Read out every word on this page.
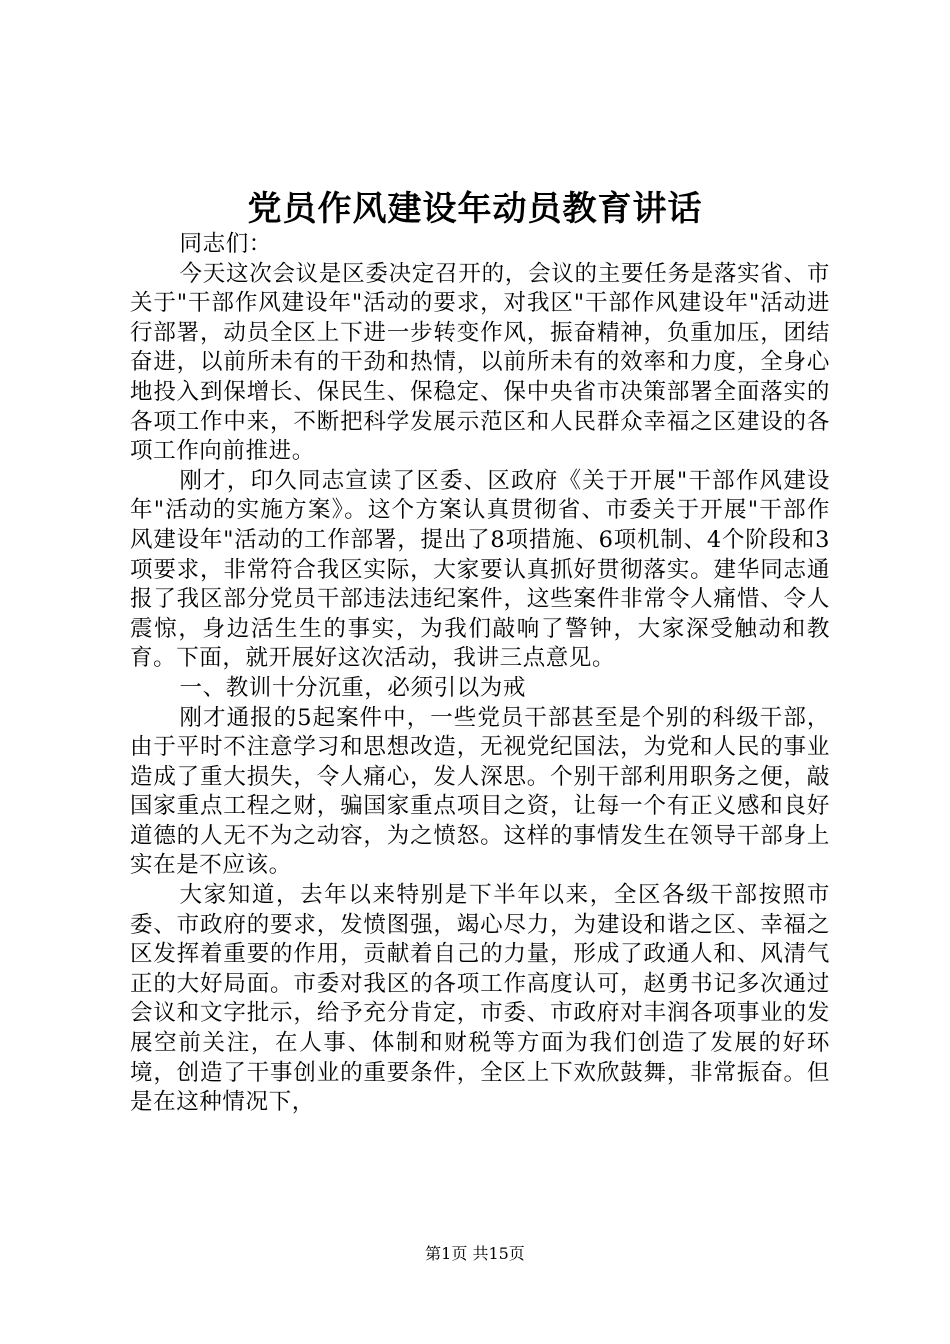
党员作风建设年动员教育讲话

同志们：

今天这次会议是区委决定召开的，会议的主要任务是落实省、市关于"干部作风建设年"活动的要求，对我区"干部作风建设年"活动进行部署，动员全区上下进一步转变作风，振奋精神，负重加压，团结奋进，以前所未有的干劲和热情，以前所未有的效率和力度，全身心地投入到保增长、保民生、保稳定、保中央省市决策部署全面落实的各项工作中来，不断把科学发展示范区和人民群众幸福之区建设的各项工作向前推进。

刚才，印久同志宣读了区委、区政府《关于开展"干部作风建设年"活动的实施方案》。这个方案认真贯彻省、市委关于开展"干部作风建设年"活动的工作部署，提出了8项措施、6项机制、4个阶段和3项要求，非常符合我区实际，大家要认真抓好贯彻落实。建华同志通报了我区部分党员干部违法违纪案件，这些案件非常令人痛惜、令人震惊，身边活生生的事实，为我们敲响了警钟，大家深受触动和教育。下面，就开展好这次活动，我讲三点意见。

一、教训十分沉重，必须引以为戒

刚才通报的5起案件中，一些党员干部甚至是个别的科级干部，由于平时不注意学习和思想改造，无视党纪国法，为党和人民的事业造成了重大损失，令人痛心，发人深思。个别干部利用职务之便，敲国家重点工程之财，骗国家重点项目之资，让每一个有正义感和良好道德的人无不为之动容，为之愤怒。这样的事情发生在领导干部身上实在是不应该。

大家知道，去年以来特别是下半年以来，全区各级干部按照市委、市政府的要求，发愤图强，竭心尽力，为建设和谐之区、幸福之区发挥着重要的作用，贡献着自己的力量，形成了政通人和、风清气正的大好局面。市委对我区的各项工作高度认可，赵勇书记多次通过会议和文字批示，给予充分肯定，市委、市政府对丰润各项事业的发展空前关注，在人事、体制和财税等方面为我们创造了发展的好环境，创造了干事创业的重要条件，全区上下欢欣鼓舞，非常振奋。但是在这种情况下，

第1页 共15页
